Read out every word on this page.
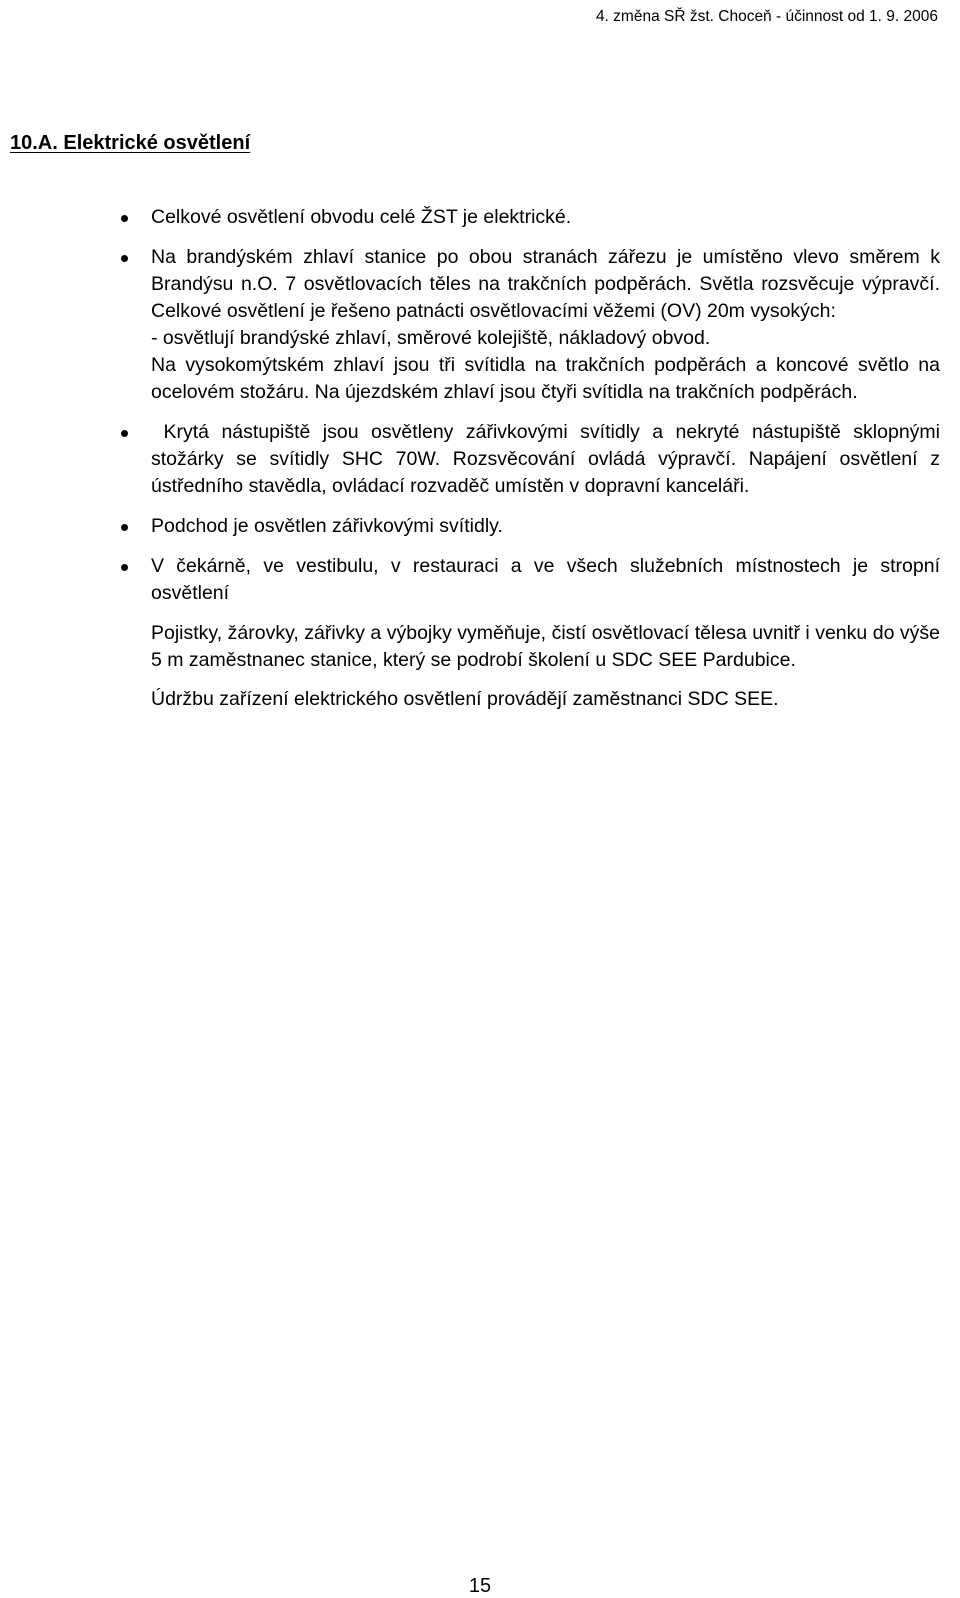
4. změna SŘ žst. Choceň - účinnost od 1. 9. 2006
10.A. Elektrické osvětlení
Celkové osvětlení obvodu celé ŽST je elektrické.
Na brandýském zhlaví stanice po obou stranách zářezu je umístěno vlevo směrem k Brandýsu n.O. 7 osvětlovacích těles na trakčních podpěrách. Světla rozsvěcuje výpravčí. Celkové osvětlení je řešeno patnácti osvětlovacími věžemi (OV) 20m vysokých:
- osvětlují brandýské zhlaví, směrové kolejiště, nákladový obvod.
Na vysokomýtském zhlaví jsou tři svítidla na trakčních podpěrách a koncové světlo na ocelovém stožáru. Na újezdském zhlaví jsou čtyři svítidla na trakčních podpěrách.
Krytá nástupiště jsou osvětleny zářivkovými svítidly a nekryté nástupiště sklopnými stožárky se svítidly SHC 70W. Rozsvěcování ovládá výpravčí. Napájení osvětlení z ústředního stavědla, ovládací rozvaděč umístěn v dopravní kanceláři.
Podchod je osvětlen zářivkovými svítidly.
V čekárně, ve vestibulu, v restauraci a ve všech služebních místnostech je stropní osvětlení

Pojistky, žárovky, zářivky a výbojky vyměňuje, čistí osvětlovací tělesa uvnitř i venku do výše 5 m zaměstnanec stanice, který se podrobí školení u SDC SEE Pardubice.

Údržbu zařízení elektrického osvětlení provádějí zaměstnanci SDC SEE.

15
